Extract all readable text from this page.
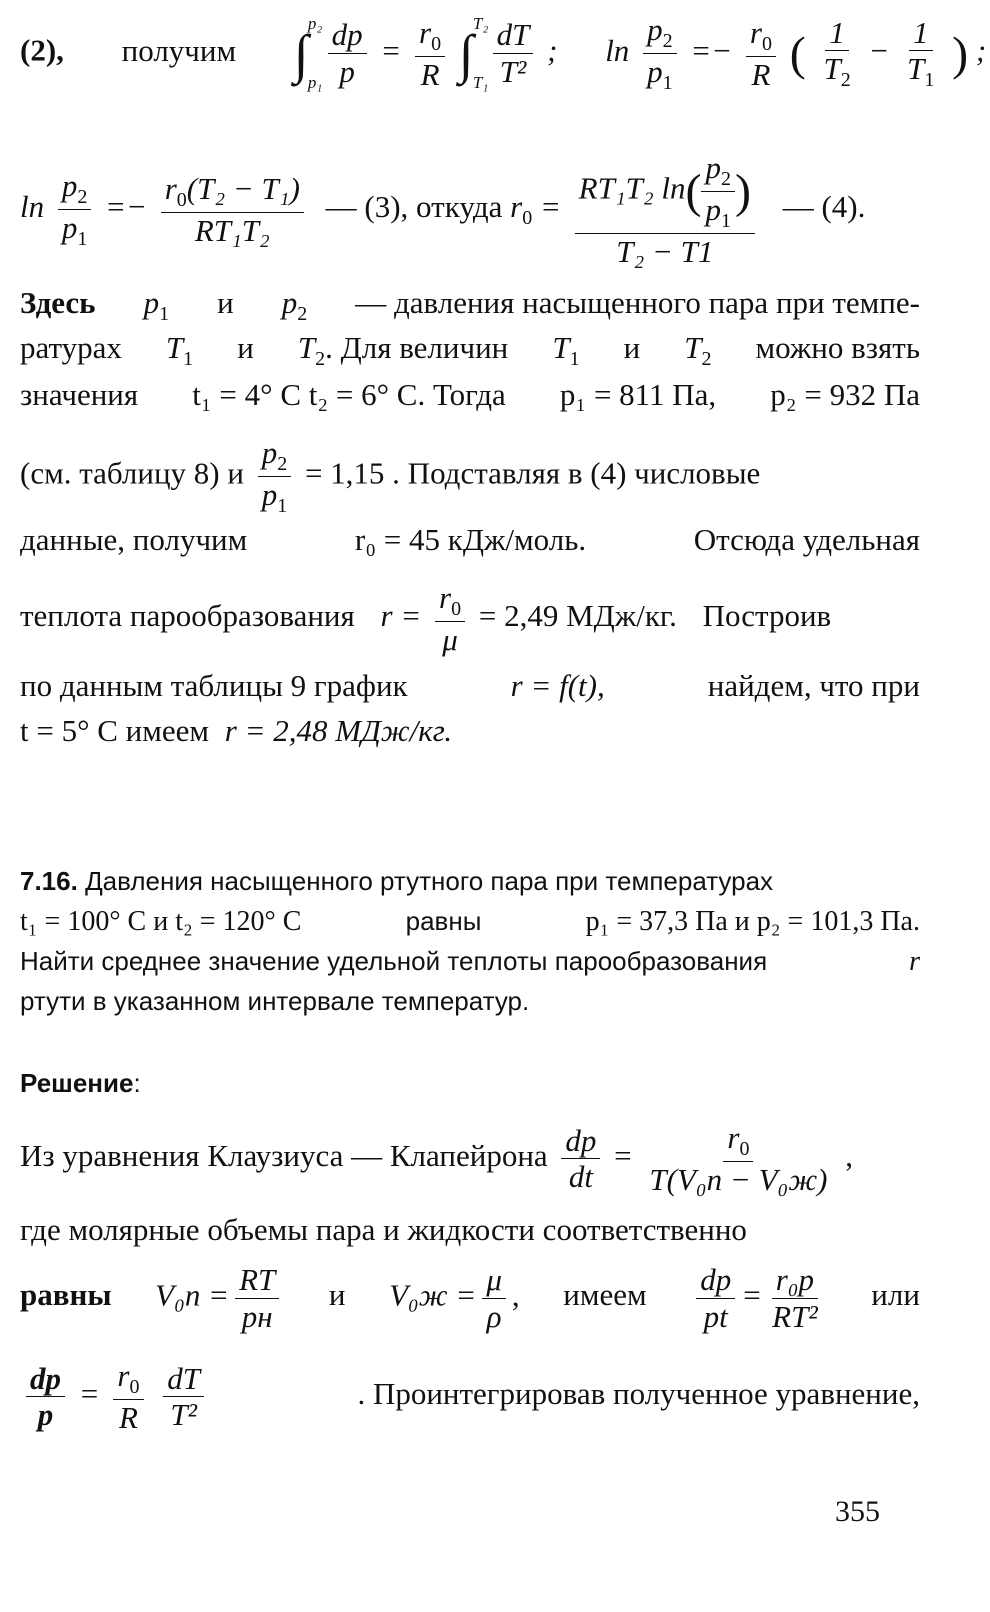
(2), получим ∫
p₂
p₁
$\frac{dp}{p} = \frac{r_0}{R}$ ∫
T₂
T₁
$\frac{dT}{\text{T²}}$ ; $\ln \frac{p_2}{p_1} =- \frac{r_0}{R}$ ( $\frac{1}{T_2} - \frac{1}{T_1}$ ) ;
$\ln \frac{p_2}{p_1} =- \frac{r_0(T_2 - T_1)}{\text{RT₁T₂}}$ — (3), откуда $r_0 = \frac{RT_1T_2 \ln( \frac{p_2}{p_1} )}{\text{T₂ − T1}}$ — (4).
Здесь $p_1$ и $p_2$ — давления насыщенного пара при темпе-
ратурах $T_1$ и $T_2$. Для величин $T_1$ и $T_2$ можно взять
значения t₁ = 4° C t₂ = 6° C. Тогда p₁ = 811 Па, p₂ = 932 Па
(см. таблицу 8) и $\frac{p_2}{p_1} = 1,15$ . Подставляя в (4) числовые
данные, получим	r₀ = 45 кДж/моль.	Отсюда удельная
теплота парообразования $r = \frac{r_0}{\mu} = 2,49$ МДж/кг. Построив
по данным таблицы 9 график	r = f(t),	найдем, что при
t = 5° C имеем r = 2,48 МДж/кг.
7.16. Давления насыщенного ртутного пара при температурах
t₁ = 100° C и t₂ = 120° C	равны	p₁ = 37,3 Па и p₂ = 101,3 Па.
Найти среднее значение удельной теплоты парообразования	r
ртути в указанном интервале температур.
Решение:
Из уравнения Клаузиуса — Клапейрона $\frac{dp}{dt} = \frac{r_0}{\text{T(V₀п − V₀ж)}}$ ,
где молярные объемы пара и жидкости соответственно
равны $V_0п = \frac{RT}{pн}$ и $V_0ж = \frac{\mu}{\rho}$ , имеем $\frac{dp}{pt} = \frac{\text{r₀p}}{\text{RT²}}$ или
$\frac{dp}{p} = \frac{r_0}{R}$
$\frac{dT}{\text{T²}}$	. Проинтегрировав полученное уравнение,
355
